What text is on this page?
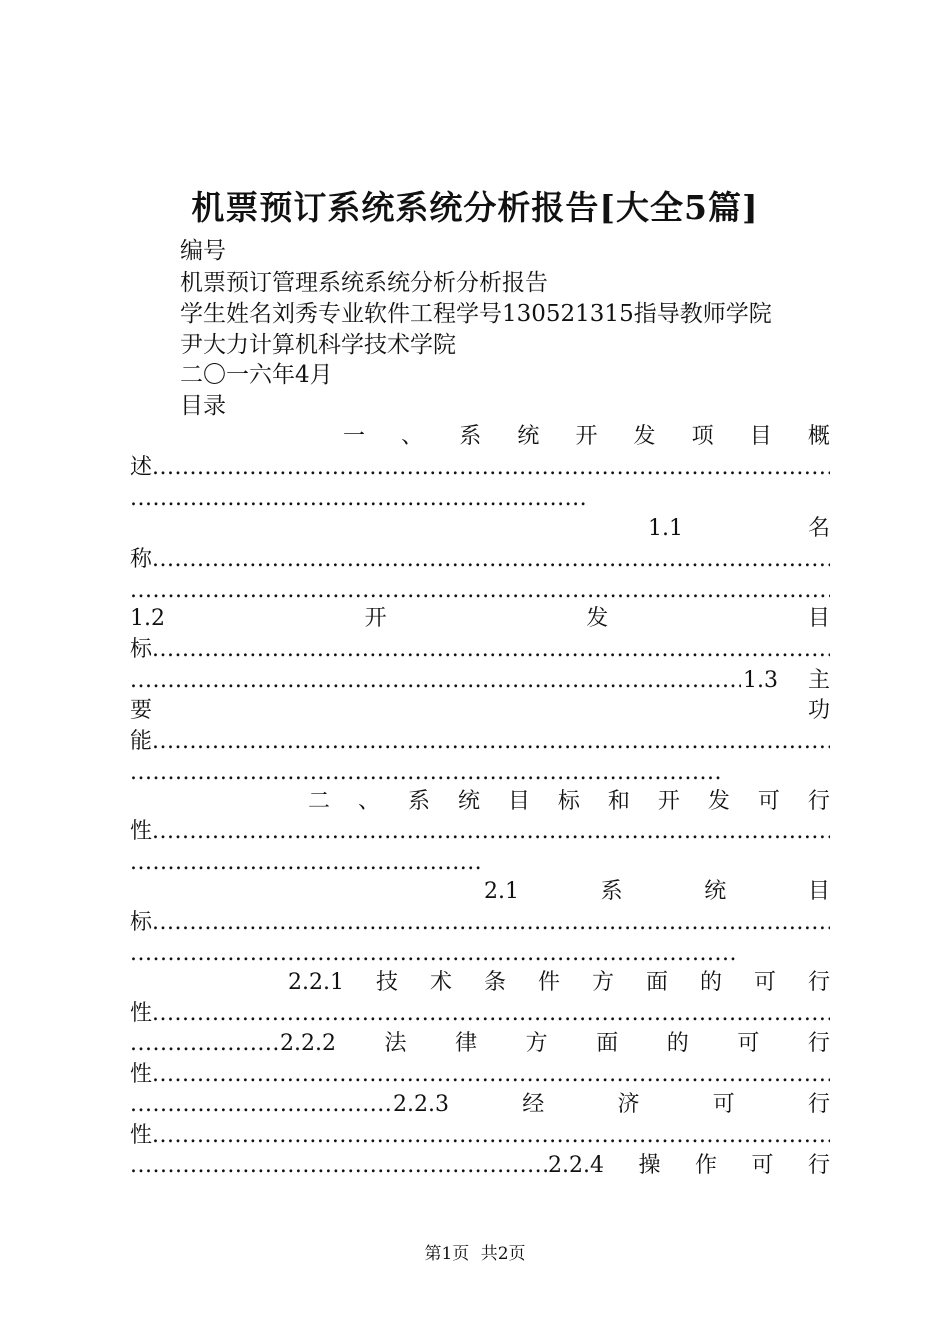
机票预订系统系统分析报告[大全5篇]
编号
机票预订管理系统系统分析分析报告
学生姓名刘秀专业软件工程学号130521315指导教师学院
尹大力计算机科学技术学院
二〇一六年4月
目录
一 、 系 统 开 发 项 目 概
述
.....
.....
1.1	名
称
.....
.....
1.2	开	发	目
标
.....
.....
1.3 主
要	功
能
.....
.....
二 、 系 统 目 标 和 开 发 可 行
性
.....
.....
2.1	系	统	目
标
.....
.....
2.2.1 技 术 条 件 方 面 的 可 行
性
.....
.....
2.2.2 法 律 方 面 的 可 行
性
.....
.....
2.2.3	经	济	可	行
性
.....
.....
2.2.4 操 作 可 行
第1页 共2页
